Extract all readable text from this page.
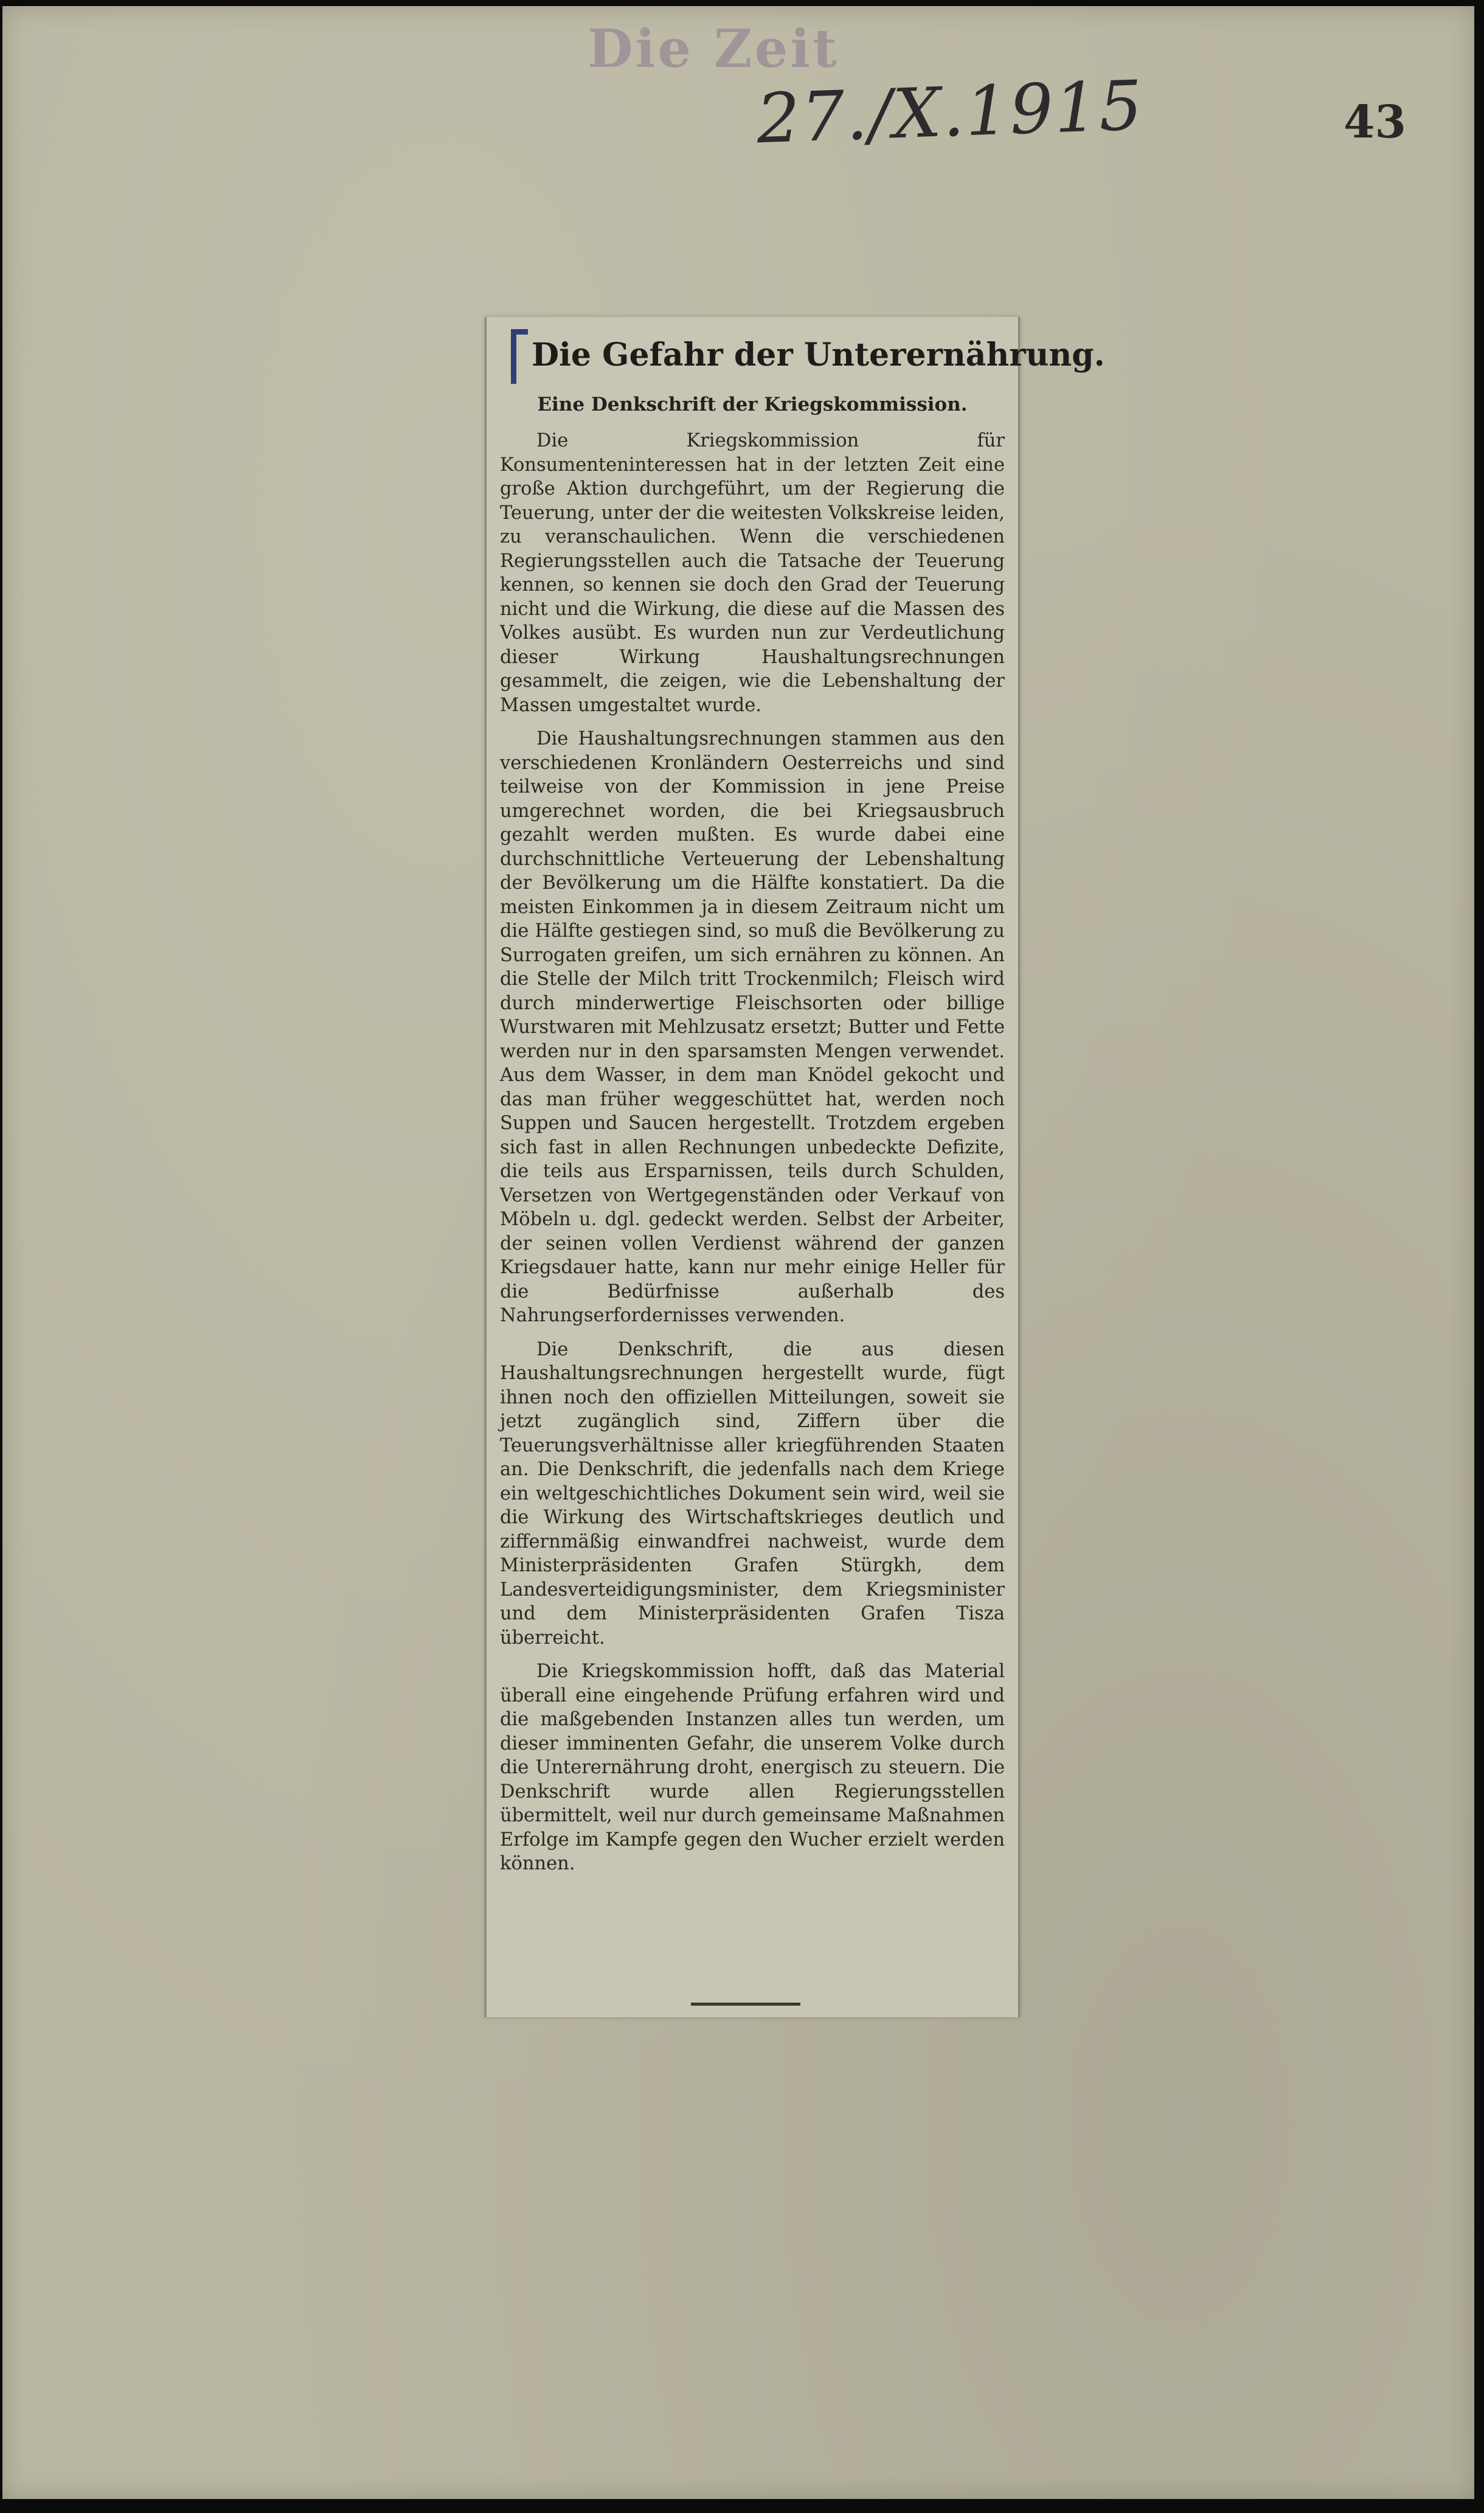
Die Zeit
27./X.1915	43
Die Gefahr der Unterernährung.
Eine Denkschrift der Kriegskommission.

Die Kriegskommission für Konsumenteninteressen hat in der letzten Zeit eine große Aktion durchgeführt, um der Regierung die Teuerung, unter der die weitesten Volkskreise leiden, zu veranschaulichen. Wenn die verschiedenen Regierungsstellen auch die Tatsache der Teuerung kennen, so kennen sie doch den Grad der Teuerung nicht und die Wirkung, die diese auf die Massen des Volkes ausübt. Es wurden nun zur Verdeutlichung dieser Wirkung Haushaltungsrechnungen gesammelt, die zeigen, wie die Lebenshaltung der Massen umgestaltet wurde.

Die Haushaltungsrechnungen stammen aus den verschiedenen Kronländern Oesterreichs und sind teilweise von der Kommission in jene Preise umgerechnet worden, die bei Kriegsausbruch gezahlt werden mußten. Es wurde dabei eine durchschnittliche Verteuerung der Lebenshaltung der Bevölkerung um die Hälfte konstatiert. Da die meisten Einkommen ja in diesem Zeitraum nicht um die Hälfte gestiegen sind, so muß die Bevölkerung zu Surrogaten greifen, um sich ernähren zu können. An die Stelle der Milch tritt Trockenmilch; Fleisch wird durch minderwertige Fleischsorten oder billige Wurstwaren mit Mehlzusatz ersetzt; Butter und Fette werden nur in den sparsamsten Mengen verwendet. Aus dem Wasser, in dem man Knödel gekocht und das man früher weggeschüttet hat, werden noch Suppen und Saucen hergestellt. Trotzdem ergeben sich fast in allen Rechnungen unbedeckte Defizite, die teils aus Ersparnissen, teils durch Schulden, Versetzen von Wertgegenständen oder Verkauf von Möbeln u. dgl. gedeckt werden. Selbst der Arbeiter, der seinen vollen Verdienst während der ganzen Kriegsdauer hatte, kann nur mehr einige Heller für die Bedürfnisse außerhalb des Nahrungserfordernisses verwenden.

Die Denkschrift, die aus diesen Haushaltungsrechnungen hergestellt wurde, fügt ihnen noch den offiziellen Mitteilungen, soweit sie jetzt zugänglich sind, Ziffern über die Teuerungsverhältnisse aller kriegführenden Staaten an. Die Denkschrift, die jedenfalls nach dem Kriege ein weltgeschichtliches Dokument sein wird, weil sie die Wirkung des Wirtschaftskrieges deutlich und ziffernmäßig einwandfrei nachweist, wurde dem Ministerpräsidenten Grafen Stürgkh, dem Landesverteidigungsminister, dem Kriegsminister und dem Ministerpräsidenten Grafen Tisza überreicht.

Die Kriegskommission hofft, daß das Material überall eine eingehende Prüfung erfahren wird und die maßgebenden Instanzen alles tun werden, um dieser imminenten Gefahr, die unserem Volke durch die Unterernährung droht, energisch zu steuern. Die Denkschrift wurde allen Regierungsstellen übermittelt, weil nur durch gemeinsame Maßnahmen Erfolge im Kampfe gegen den Wucher erzielt werden können.
